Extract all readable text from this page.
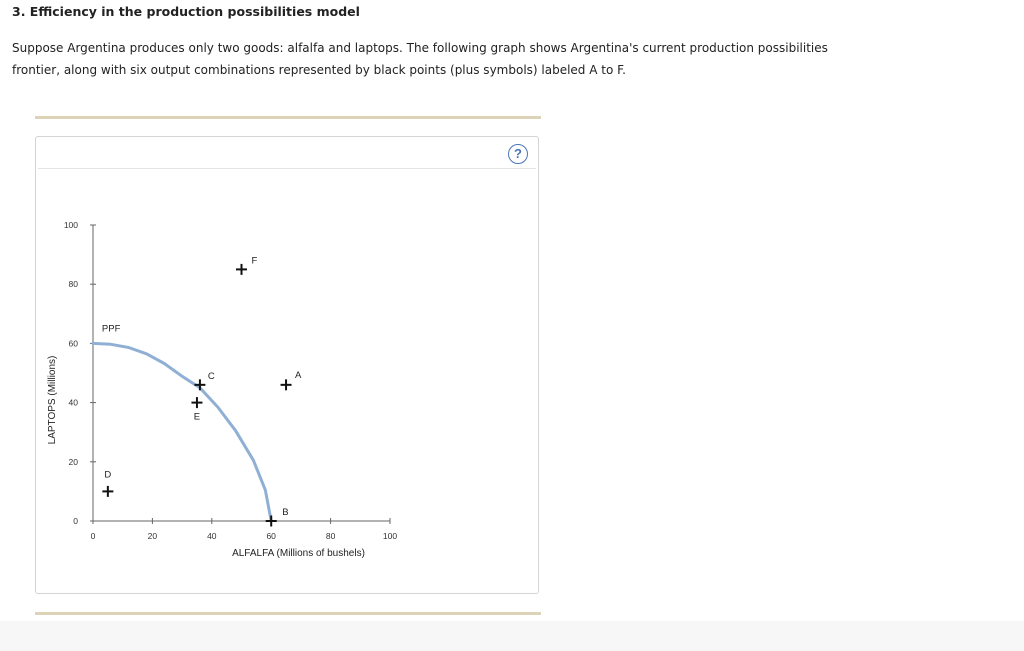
3. Efficiency in the production possibilities model
Suppose Argentina produces only two goods: alfalfa and laptops. The following graph shows Argentina's current production possibilities frontier, along with six output combinations represented by black points (plus symbols) labeled A to F.
?
0
20
40
60
80
100
0	20	40	60	80	100
ALFALFA (Millions of bushels)
LAPTOPS (Millions)
PPF
A
B
C
D
E
F
